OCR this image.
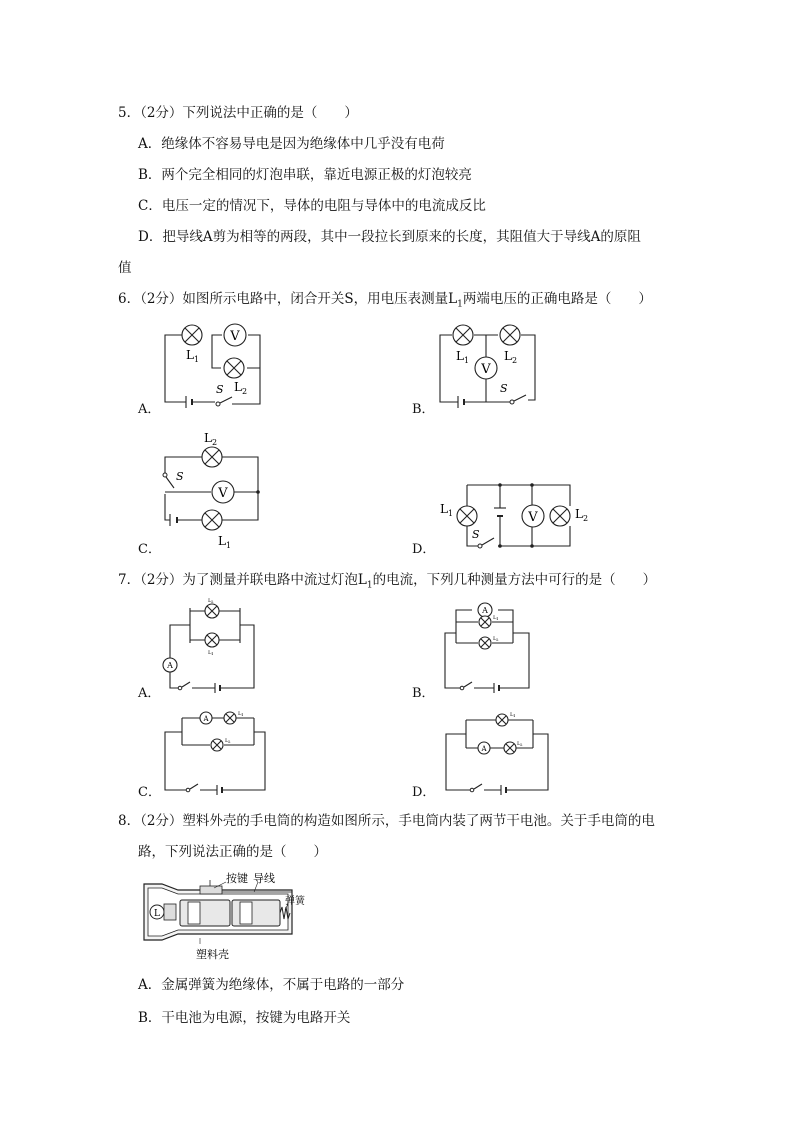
5．（2分）下列说法中正确的是（　　）
A．绝缘体不容易导电是因为绝缘体中几乎没有电荷
B．两个完全相同的灯泡串联，靠近电源正极的灯泡较亮
C．电压一定的情况下，导体的电阻与导体中的电流成反比
D．把导线A剪为相等的两段，其中一段拉长到原来的长度，其阻值大于导线A的原阻
值
6．（2分）如图所示电路中，闭合开关S，用电压表测量$L_1$两端电压的正确电路是（　　）
A．	B．
C．	D．
V
L 1
L 2
S
V
L 1	L 2
S
V
L 2
L 1
S
V
L 1	L 2
S
7．（2分）为了测量并联电路中流过灯泡$L_1$的电流，下列几种测量方法中可行的是（　　）
A．	B．
C．	D．
A
L 2
L 1
A
L 1
L 2
A
L 1
L 2
A
L 1
L 2
8．（2分）塑料外壳的手电筒的构造如图所示，手电筒内装了两节干电池。关于手电筒的电
路，下列说法正确的是（　　）
L
按键 导线
弹簧
塑料壳
A．金属弹簧为绝缘体，不属于电路的一部分
B．干电池为电源，按键为电路开关
